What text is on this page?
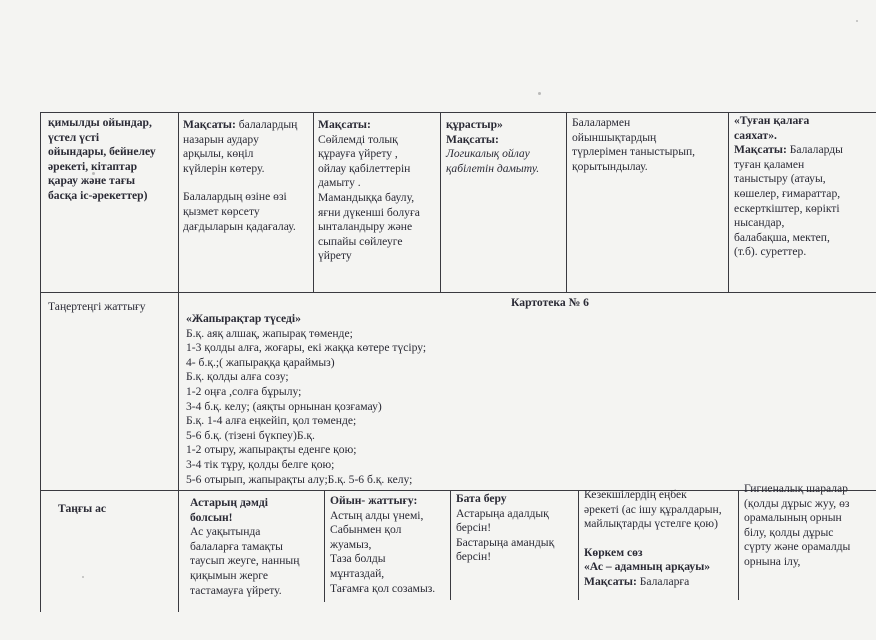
қимылды ойындар,
үстел үсті
ойындары, бейнелеу
әрекеті, кітаптар
қарау және тағы
басқа іс-әрекеттер)
Мақсаты: балалардың
назарын аудару
арқылы, көңіл
күйлерін көтеру.
Балалардың өзіне өзі
қызмет көрсету
дағдыларын қадағалау.
Мақсаты:
Сөйлемді толық
құрауға үйрету ,
ойлау қабілеттерін
дамыту .
Мамандыққа баулу,
яғни дүкенші болуға
ынталандыру және
сыпайы сөйлеуге
үйрету
құрастыр»
Мақсаты:
Логикалық ойлау
қабілетін дамыту.
Балалармен
ойыншықтардың
түрлерімен таныстырып,
қорытындылау.
«Туған қалаға
саяхат».
Мақсаты: Балаларды
туған қаламен
таныстыру (атауы,
көшелер, ғимараттар,
ескерткіштер, көрікті
нысандар,
балабақша, мектеп,
(т.б). суреттер.
Таңертеңгі жаттығу	Картотека № 6
«Жапырақтар түседі»
Б.қ. аяқ алшақ, жапырақ төменде;
1-3 қолды алға, жоғары, екі жаққа көтере түсіру;
4- б.қ.;( жапыраққа қараймыз)
Б.қ. қолды алға созу;
1-2 оңға ,солға бұрылу;
3-4 б.қ. келу; (аяқты орнынан қозғамау)
Б.қ. 1-4 алға еңкейіп, қол төменде;
5-6 б.қ. (тізені бүкпеу)Б.қ.
1-2 отыру, жапырақты еденге қою;
3-4 тік тұру, қолды белге қою;
5-6 отырып, жапырақты алу;Б.қ. 5-6 б.қ. келу;
Таңғы ас	Астарың дәмді
болсын!
Ас уақытында
балаларға тамақты
таусып жеуге, нанның
қиқымын жерге
тастамауға үйрету.
Ойын- жаттығу:
Астың алды үнемі,
Сабынмен қол
жуамыз,
Таза болды
мұнтаздай,
Тағамға қол созамыз.
Бата беру
Астарыңа адалдық
берсін!
Бастарыңа амандық
берсін!
Кезекшілердің еңбек
әрекеті (ас ішу құралдарын,
майлықтарды үстелге қою)
Көркем сөз
«Ас – адамның арқауы»
Мақсаты: Балаларға
Гигиеналық шаралар
(қолды дұрыс жуу, өз
орамалының орнын
білу, қолды дұрыс
сүрту және орамалды
орнына ілу,
